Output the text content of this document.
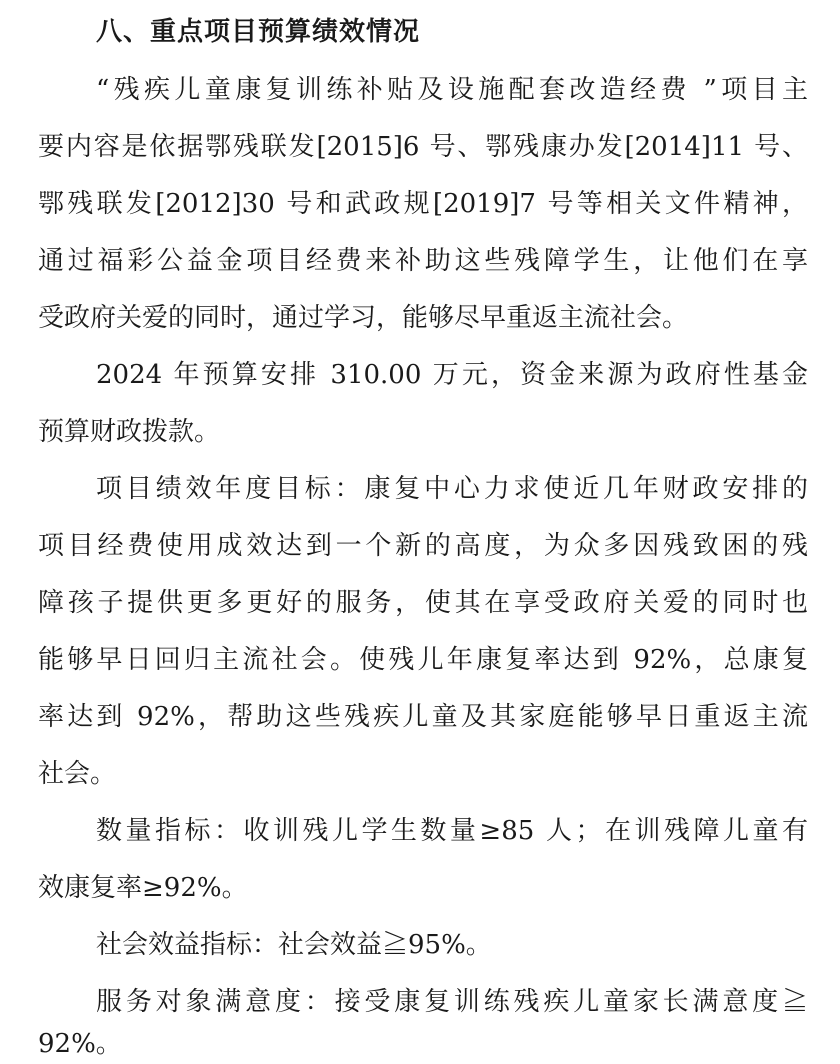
八、重点项目预算绩效情况
“残疾儿童康复训练补贴及设施配套改造经费 ”项目主
要内容是依据鄂残联发[2015]6 号、鄂残康办发[2014]11 号、
鄂残联发[2012]30 号和武政规[2019]7 号等相关文件精神，
通过福彩公益金项目经费来补助这些残障学生，让他们在享
受政府关爱的同时，通过学习，能够尽早重返主流社会。
2024 年预算安排 310.00 万元，资金来源为政府性基金
预算财政拨款。
项目绩效年度目标：康复中心力求使近几年财政安排的
项目经费使用成效达到一个新的高度，为众多因残致困的残
障孩子提供更多更好的服务，使其在享受政府关爱的同时也
能够早日回归主流社会。使残儿年康复率达到 92%，总康复
率达到 92%，帮助这些残疾儿童及其家庭能够早日重返主流
社会。
数量指标：收训残儿学生数量≥85 人；在训残障儿童有
效康复率≥92%。
社会效益指标：社会效益≧95%。
服务对象满意度：接受康复训练残疾儿童家长满意度≧
92%。
